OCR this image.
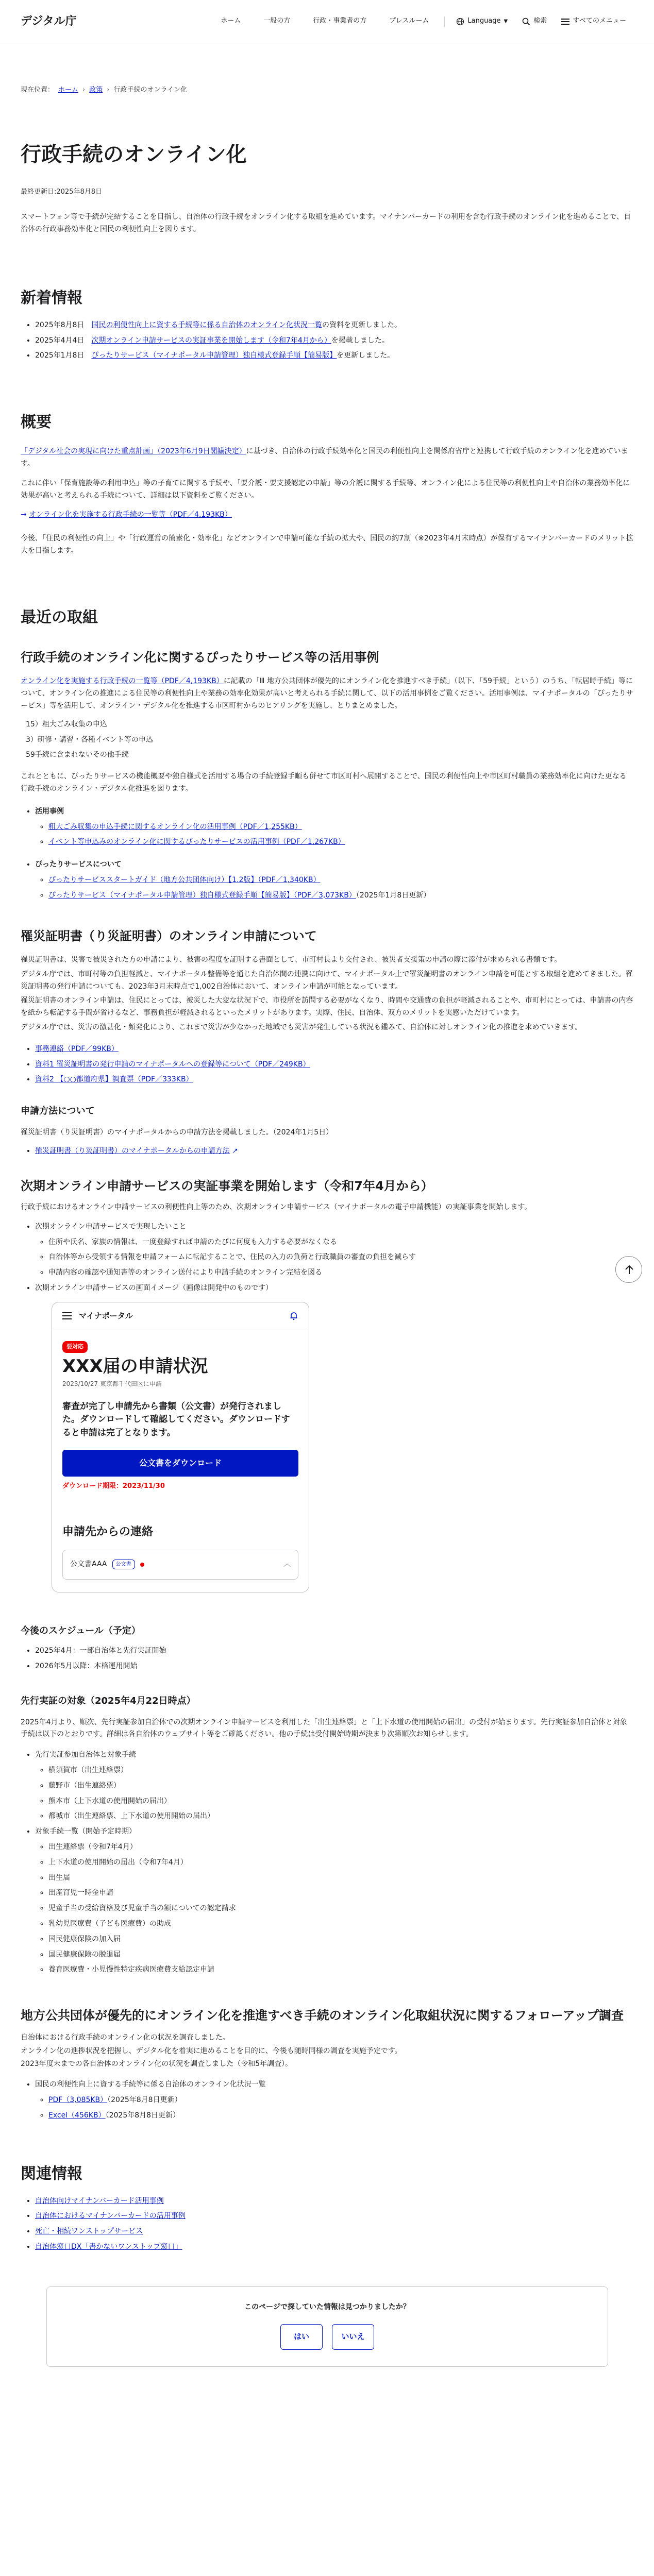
デジタル庁	ホーム	一般の方	行政・事業者の方	プレスルーム	Language ▼	検索	すべてのメニュー
現在位置： ホーム › 政策 › 行政手続のオンライン化
行政手続のオンライン化
最終更新日:2025年8月8日

スマートフォン等で手続が完結することを目指し、自治体の行政手続をオンライン化する取組を進めています。マイナンバーカードの利用を含む行政手続のオンライン化を進めることで、自治体の行政事務効率化と国民の利便性向上を図ります。

新着情報
• 2025年8月8日　 国民の利便性向上に資する手続等に係る自治体のオンライン化状況一覧の資料を更新しました。
• 2025年4月4日　 次期オンライン申請サービスの実証事業を開始します（令和7年4月から）を掲載しました。
• 2025年1月8日　 ぴったりサービス（マイナポータル申請管理）独自様式登録手順【簡易版】を更新しました。
概要

「デジタル社会の実現に向けた重点計画」（2023年6月9日閣議決定）に基づき、自治体の行政手続効率化と国民の利便性向上を関係府省庁と連携して行政手続のオンライン化を進めています。

これに伴い「保育施設等の利用申込」等の子育てに関する手続や、「要介護・要支援認定の申請」等の介護に関する手続等、オンライン化による住民等の利便性向上や自治体の業務効率化に効果が高いと考えられる手続について、詳細は以下資料をご覧ください。

→ オンライン化を実施する行政手続の一覧等（PDF／4,193KB）

今後、「住民の利便性の向上」や「行政運営の簡素化・効率化」などオンラインで申請可能な手続の拡大や、国民の約7割（※2023年4月末時点）が保有するマイナンバーカードのメリット拡大を目指します。

最近の取組
行政手続のオンライン化に関するぴったりサービス等の活用事例

オンライン化を実施する行政手続の一覧等（PDF／4,193KB）に記載の「Ⅲ 地方公共団体が優先的にオンライン化を推進すべき手続」（以下、「59手続」という）のうち、「転居時手続」等について、オンライン化の推進による住民等の利便性向上や業務の効率化効果が高いと考えられる手続に関して、以下の活用事例をご覧ください。活用事例は、マイナポータルの「ぴったりサービス」等を活用して、オンライン・デジタル化を推進する市区町村からのヒアリングを実施し、とりまとめました。

15）粗大ごみ収集の申込
3）研修・講習・各種イベント等の申込
59手続に含まれないその他手続

これとともに、ぴったりサービスの機能概要や独自様式を活用する場合の手続登録手順も併せて市区町村へ展開することで、国民の利便性向上や市区町村職員の業務効率化に向けた更なる行政手続のオンライン・デジタル化推進を図ります。

• 活用事例
◦ 粗大ごみ収集の申込手続に関するオンライン化の活用事例（PDF／1,255KB）
◦ イベント等申込みのオンライン化に関するぴったりサービスの活用事例（PDF／1,267KB）
• ぴったりサービスについて
◦ ぴったりサービススタートガイド（地方公共団体向け）【1.2版】（PDF／1,340KB）
◦ ぴったりサービス（マイナポータル申請管理）独自様式登録手順【簡易版】（PDF／3,073KB）（2025年1月8日更新）
罹災証明書（り災証明書）のオンライン申請について

罹災証明書は、災害で被災された方の申請により、被害の程度を証明する書面として、市町村長より交付され、被災者支援策の申請の際に添付が求められる書類です。

デジタル庁では、市町村等の負担軽減と、マイナポータル整備等を通じた自治体間の連携に向けて、マイナポータル上で罹災証明書のオンライン申請を可能とする取組を進めてきました。罹災証明書の発行申請についても、2023年3月末時点で1,002自治体において、オンライン申請が可能となっています。

罹災証明書のオンライン申請は、住民にとっては、被災した大変な状況下で、市役所を訪問する必要がなくなり、時間や交通費の負担が軽減されることや、市町村にとっては、申請書の内容を紙から転記する手間が省けるなど、事務負担が軽減されるといったメリットがあります。実際、住民、自治体、双方のメリットを実感いただけています。

デジタル庁では、災害の激甚化・頻発化により、これまで災害が少なかった地域でも災害が発生している状況も鑑みて、自治体に対しオンライン化の推進を求めていきます。

• 事務連絡（PDF／99KB）
• 資料1 罹災証明書の発行申請のマイナポータルへの登録等について（PDF／249KB）
• 資料2 【○○都道府県】調査票（PDF／333KB）
申請方法について

罹災証明書（り災証明書）のマイナポータルからの申請方法を掲載しました。（2024年1月5日）

• 罹災証明書（り災証明書）のマイナポータルからの申請方法 ↗
次期オンライン申請サービスの実証事業を開始します（令和7年4月から）

行政手続におけるオンライン申請サービスの利便性向上等のため、次期オンライン申請サービス（マイナポータルの電子申請機能）の実証事業を開始します。

• 次期オンライン申請サービスで実現したいこと
◦ 住所や氏名、家族の情報は、一度登録すれば申請のたびに何度も入力する必要がなくなる
◦ 自治体等から受領する情報を申請フォームに転記することで、住民の入力の負荷と行政職員の審査の負担を減らす
◦ 申請内容の確認や通知書等のオンライン送付により申請手続のオンライン完結を図る
• 次期オンライン申請サービスの画面イメージ（画像は開発中のものです）
マイナポータル
要対応
XXX届の申請状況
2023/10/27 東京都千代田区に申請
審査が完了し申請先から書類（公文書）が発行されました。ダウンロードして確認してください。ダウンロードすると申請は完了となります。
公文書をダウンロード
ダウンロード期限：2023/11/30
申請先からの連絡
公文書AAA	公文書	︿
今後のスケジュール（予定）
• 2025年4月：一部自治体と先行実証開始
• 2026年5月以降：本格運用開始
先行実証の対象（2025年4月22日時点）

2025年4月より、順次、先行実証参加自治体での次期オンライン申請サービスを利用した「出生連絡票」と「上下水道の使用開始の届出」の受付が始まります。先行実証参加自治体と対象手続は以下のとおりです。詳細は各自治体のウェブサイト等をご確認ください。他の手続は受付開始時期が決まり次第順次お知らせします。

• 先行実証参加自治体と対象手続
◦ 横須賀市（出生連絡票）
◦ 藤野市（出生連絡票）
◦ 熊本市（上下水道の使用開始の届出）
◦ 都城市（出生連絡票、上下水道の使用開始の届出）
• 対象手続一覧（開始予定時期）
◦ 出生連絡票（令和7年4月）
◦ 上下水道の使用開始の届出（令和7年4月）
◦ 出生届
◦ 出産育児一時金申請
◦ 児童手当の受給資格及び児童手当の額についての認定請求
◦ 乳幼児医療費（子ども医療費）の助成
◦ 国民健康保険の加入届
◦ 国民健康保険の脱退届
◦ 養育医療費・小児慢性特定疾病医療費支給認定申請
地方公共団体が優先的にオンライン化を推進すべき手続のオンライン化取組状況に関するフォローアップ調査

自治体における行政手続のオンライン化の状況を調査しました。

オンライン化の進捗状況を把握し、デジタル化を着実に進めることを目的に、今後も随時同様の調査を実施予定です。

2023年度末までの各自治体のオンライン化の状況を調査しました（令和5年調査）。

• 国民の利便性向上に資する手続等に係る自治体のオンライン化状況一覧
◦ PDF（3,085KB）（2025年8月8日更新）
◦ Excel（456KB）（2025年8月8日更新）
関連情報
• 自治体向けマイナンバーカード活用事例
• 自治体におけるマイナンバーカードの活用事例
• 死亡・相続ワンストップサービス
• 自治体窓口DX「書かないワンストップ窓口」
このページで探していた情報は見つかりましたか？
はい	いいえ
